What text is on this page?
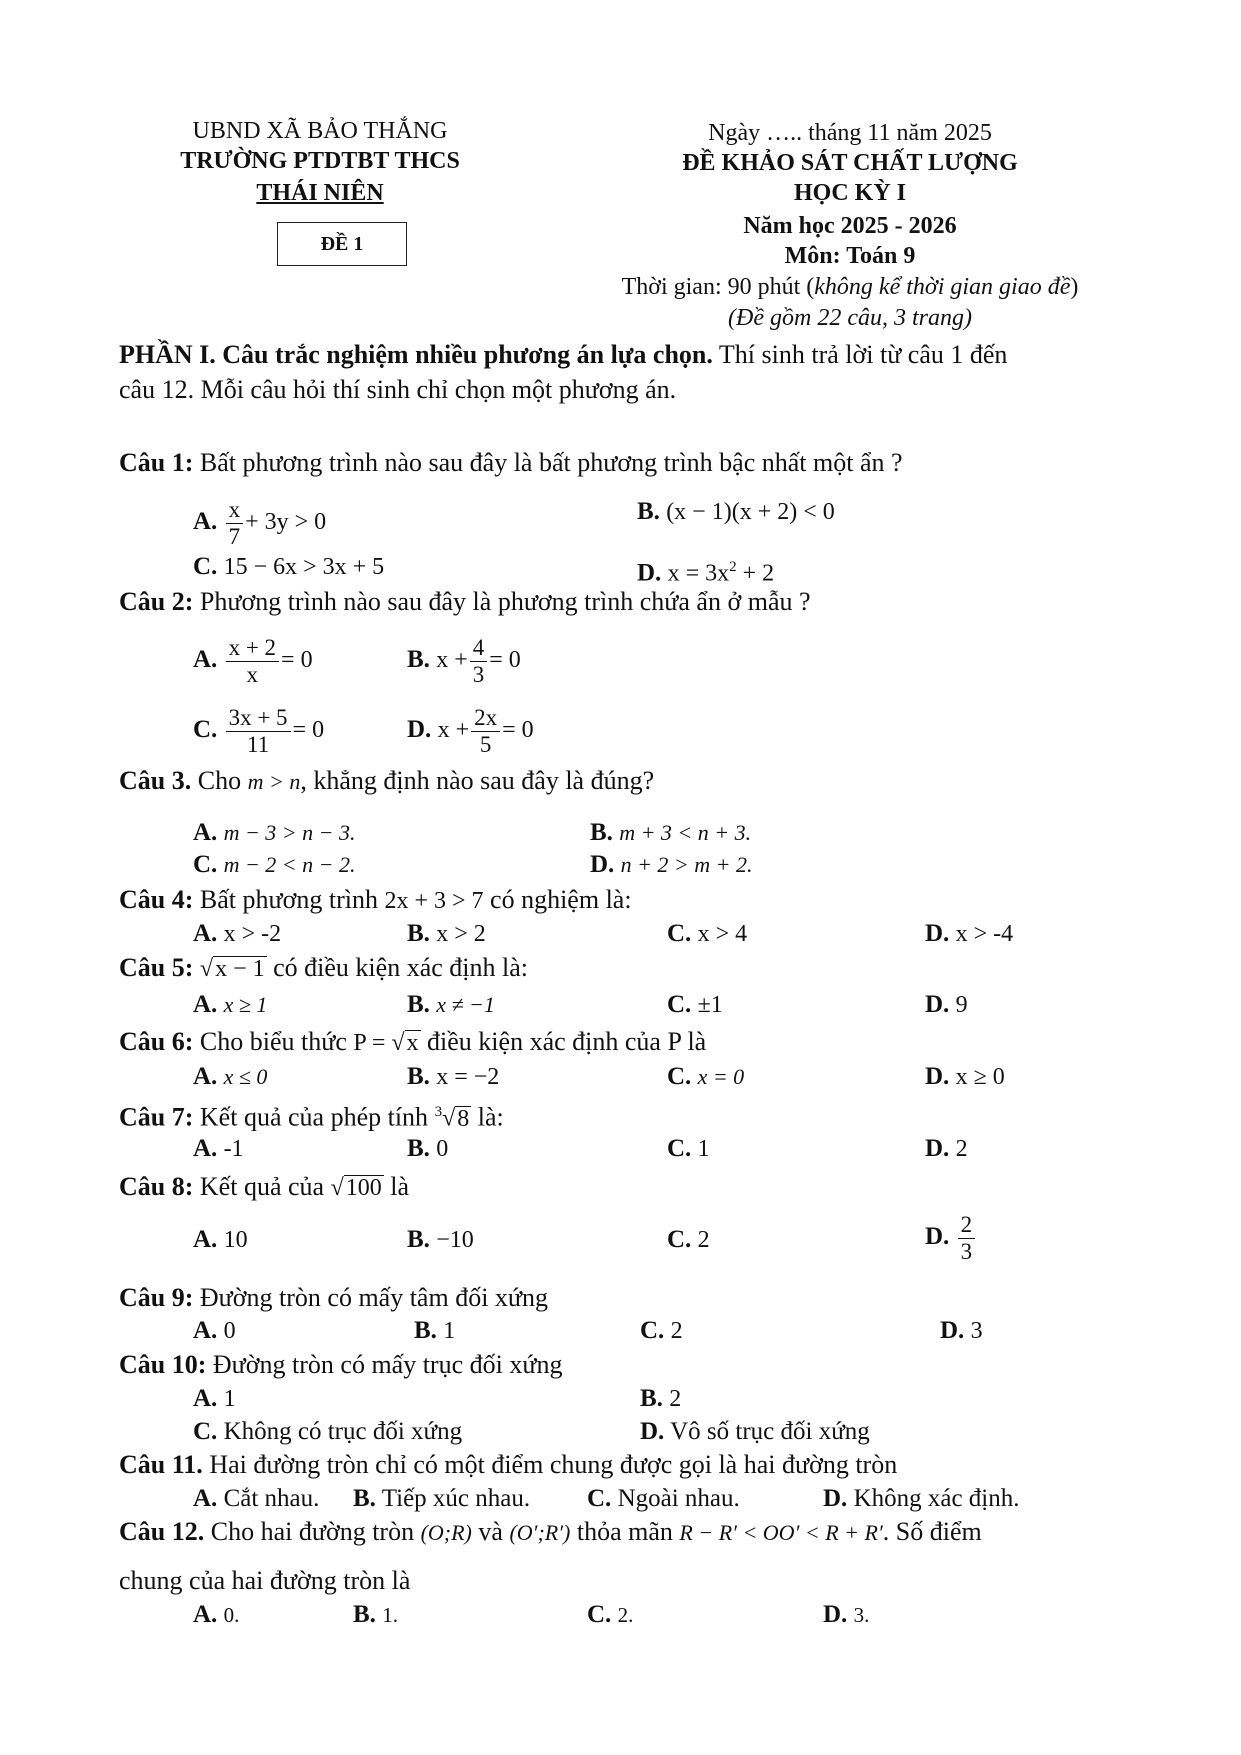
UBND XÃ BẢO THẮNG
TRƯỜNG PTDTBT THCS
THÁI NIÊN
ĐỀ 1
Ngày ….. tháng 11 năm 2025
ĐỀ KHẢO SÁT CHẤT LƯỢNG
HỌC KỲ I
Năm học 2025 - 2026
Môn: Toán 9
Thời gian: 90 phút (không kể thời gian giao đề)
(Đề gồm 22 câu, 3 trang)
PHẦN I. Câu trắc nghiệm nhiều phương án lựa chọn. Thí sinh trả lời từ câu 1 đến
câu 12. Mỗi câu hỏi thí sinh chỉ chọn một phương án.
Câu 1: Bất phương trình nào sau đây là bất phương trình bậc nhất một ẩn ?
A. $\frac{x}{7} + 3y > 0$	B. (x − 1)(x + 2) < 0
C. 15 − 6x > 3x + 5	D. $x = 3x^2 + 2$
Câu 2: Phương trình nào sau đây là phương trình chứa ẩn ở mẫu ?
A. $\frac{x + 2}{x} = 0$	B. $x + \frac{4}{3} = 0$
C. $\frac{3x + 5}{11} = 0$	D. $x + \frac{2x}{5} = 0$
Câu 3. Cho m > n, khẳng định nào sau đây là đúng?
A. m − 3 > n − 3.	B. m + 3 < n + 3.
C. m − 2 < n − 2.	D. n + 2 > m + 2.
Câu 4: Bất phương trình 2x + 3 > 7 có nghiệm là:
A. x > -2	B. x > 2	C. x > 4	D. x > -4
Câu 5: √x − 1 có điều kiện xác định là:
A. x ≥ 1	B. x ≠ −1	C. ±1	D. 9
Câu 6: Cho biểu thức P = √x điều kiện xác định của P là
A. x ≤ 0	B. x = −2	C. x = 0	D. x ≥ 0
Câu 7: Kết quả của phép tính $^3$√8 là:
A. -1	B. 0	C. 1	D. 2
Câu 8: Kết quả của √100 là
A. 10	B. −10	C. 2	D. $\frac{2}{3}$
Câu 9: Đường tròn có mấy tâm đối xứng
A. 0	B. 1	C. 2	D. 3
Câu 10: Đường tròn có mấy trục đối xứng
A. 1	B. 2
C. Không có trục đối xứng	D. Vô số trục đối xứng
Câu 11. Hai đường tròn chỉ có một điểm chung được gọi là hai đường tròn
A. Cắt nhau. B. Tiếp xúc nhau. C. Ngoài nhau.	D. Không xác định.
Câu 12. Cho hai đường tròn (O;R) và (O′;R′) thỏa mãn R − R′ < OO′ < R + R′. Số điểm
chung của hai đường tròn là
A. 0.	B. 1.	C. 2.	D. 3.
